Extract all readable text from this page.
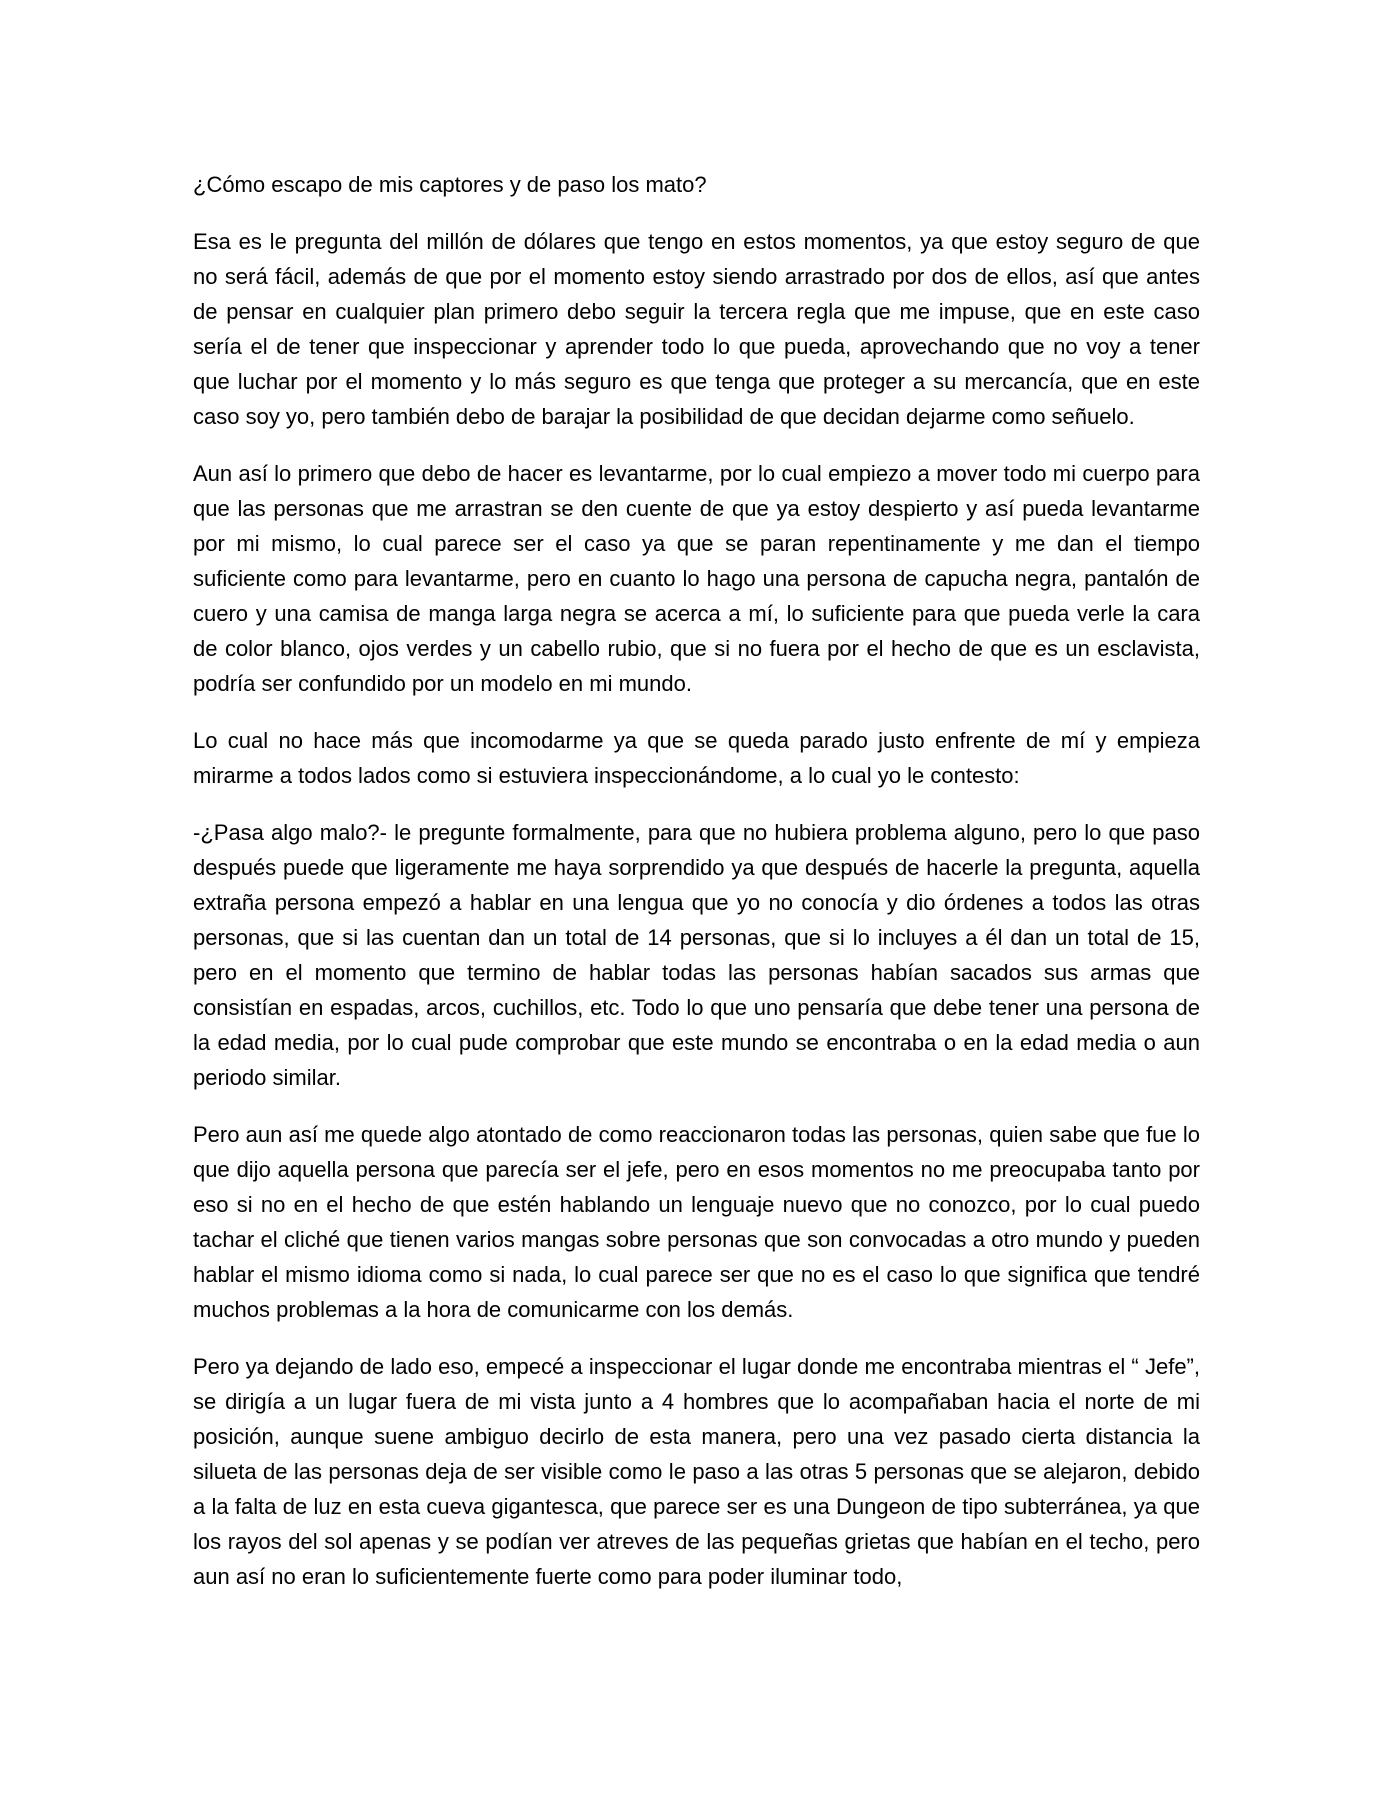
¿Cómo escapo de mis captores y de paso los mato?

Esa es le pregunta del millón de dólares que tengo en estos momentos, ya que estoy seguro de que no será fácil, además de que por el momento estoy siendo arrastrado por dos de ellos, así que antes de pensar en cualquier plan primero debo seguir la tercera regla que me impuse, que en este caso sería el de tener que inspeccionar y aprender todo lo que pueda, aprovechando que no voy a tener que luchar por el momento y lo más seguro es que tenga que proteger a su mercancía, que en este caso soy yo, pero también debo de barajar la posibilidad de que decidan dejarme como señuelo.

Aun así lo primero que debo de hacer es levantarme, por lo cual empiezo a mover todo mi cuerpo para que las personas que me arrastran se den cuente de que ya estoy despierto y así pueda levantarme por mi mismo, lo cual parece ser el caso ya que se paran repentinamente y me dan el tiempo suficiente como para levantarme, pero en cuanto lo hago una persona de capucha negra, pantalón de cuero y una camisa de manga larga negra se acerca a mí, lo suficiente para que pueda verle la cara de color blanco, ojos verdes y un cabello rubio, que si no fuera por el hecho de que es un esclavista, podría ser confundido por un modelo en mi mundo.

Lo cual no hace más que incomodarme ya que se queda parado justo enfrente de mí y empieza mirarme a todos lados como si estuviera inspeccionándome, a lo cual yo le contesto:

-¿Pasa algo malo?- le pregunte formalmente, para que no hubiera problema alguno, pero lo que paso después puede que ligeramente me haya sorprendido ya que después de hacerle la pregunta, aquella extraña persona empezó a hablar en una lengua que yo no conocía y dio órdenes a todos las otras personas, que si las cuentan dan un total de 14 personas, que si lo incluyes a él dan un total de 15, pero en el momento que termino de hablar todas las personas habían sacados sus armas que consistían en espadas, arcos, cuchillos, etc. Todo lo que uno pensaría que debe tener una persona de la edad media, por lo cual pude comprobar que este mundo se encontraba o en la edad media o aun periodo similar.

Pero aun así me quede algo atontado de como reaccionaron todas las personas, quien sabe que fue lo que dijo aquella persona que parecía ser el jefe, pero en esos momentos no me preocupaba tanto por eso si no en el hecho de que estén hablando un lenguaje nuevo que no conozco, por lo cual puedo tachar el cliché que tienen varios mangas sobre personas que son convocadas a otro mundo y pueden hablar el mismo idioma como si nada, lo cual parece ser que no es el caso lo que significa que tendré muchos problemas a la hora de comunicarme con los demás.

Pero ya dejando de lado eso, empecé a inspeccionar el lugar donde me encontraba mientras el “ Jefe”, se dirigía a un lugar fuera de mi vista junto a 4 hombres que lo acompañaban hacia el norte de mi posición, aunque suene ambiguo decirlo de esta manera, pero una vez pasado cierta distancia la silueta de las personas deja de ser visible como le paso a las otras 5 personas que se alejaron, debido a la falta de luz en esta cueva gigantesca, que parece ser es una Dungeon de tipo subterránea, ya que los rayos del sol apenas y se podían ver atreves de las pequeñas grietas que habían en el techo, pero aun así no eran lo suficientemente fuerte como para poder iluminar todo,
